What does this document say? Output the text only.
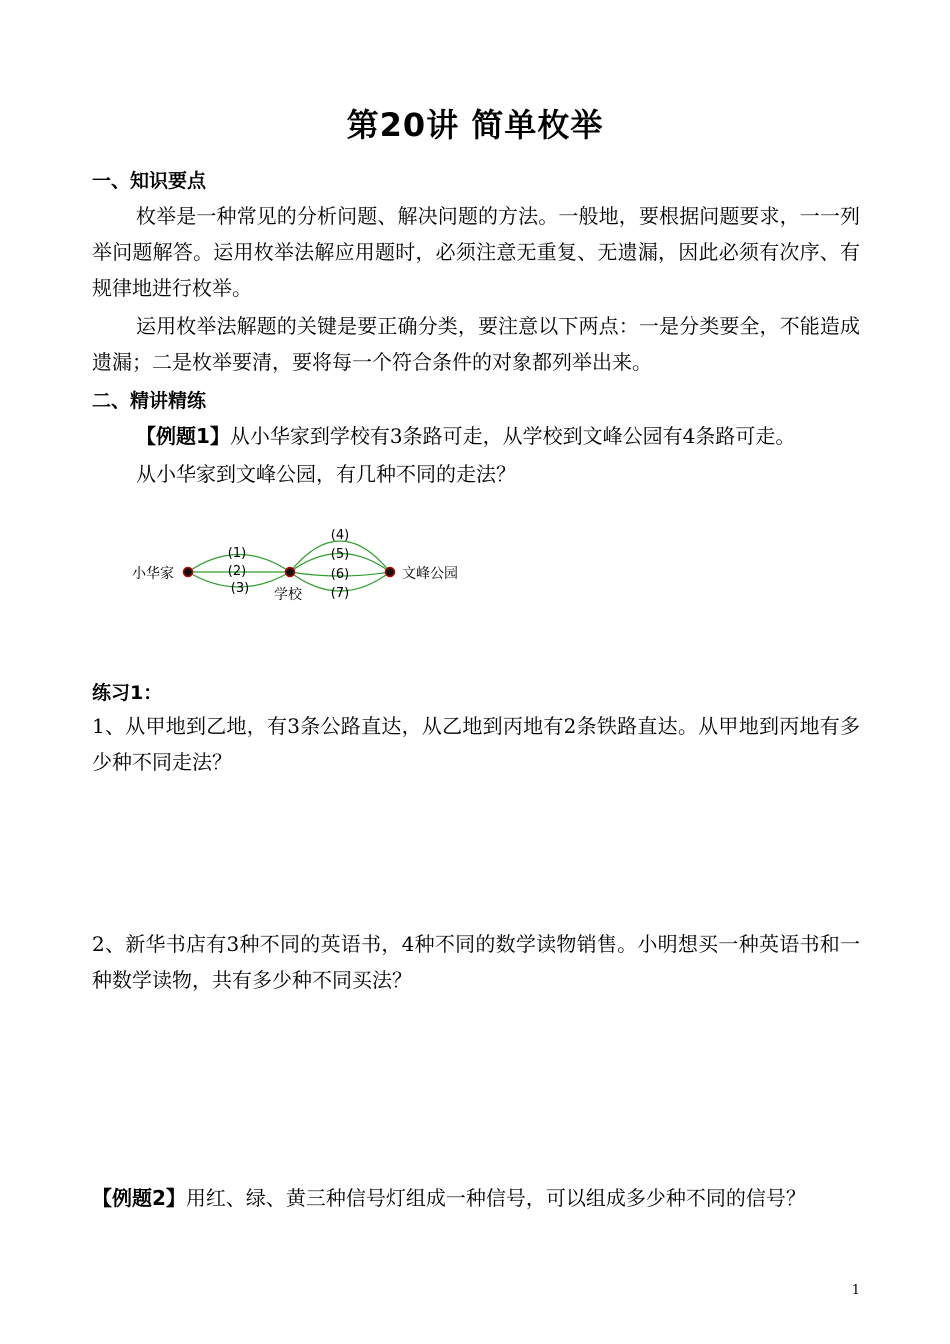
第20讲 简单枚举
一、知识要点
枚举是一种常见的分析问题、解决问题的方法。一般地，要根据问题要求，一一列举问题解答。运用枚举法解应用题时，必须注意无重复、无遗漏，因此必须有次序、有规律地进行枚举。
运用枚举法解题的关键是要正确分类，要注意以下两点：一是分类要全，不能造成遗漏；二是枚举要清，要将每一个符合条件的对象都列举出来。
二、精讲精练
【例题1】从小华家到学校有3条路可走，从学校到文峰公园有4条路可走。
从小华家到文峰公园，有几种不同的走法？
(1)
(2)
(3)
(4)
(5)
(6)
(7)
小华家
学校
文峰公园
练习1：
1、从甲地到乙地，有3条公路直达，从乙地到丙地有2条铁路直达。从甲地到丙地有多少种不同走法？
2、新华书店有3种不同的英语书，4种不同的数学读物销售。小明想买一种英语书和一种数学读物，共有多少种不同买法？
【例题2】用红、绿、黄三种信号灯组成一种信号，可以组成多少种不同的信号？
1
